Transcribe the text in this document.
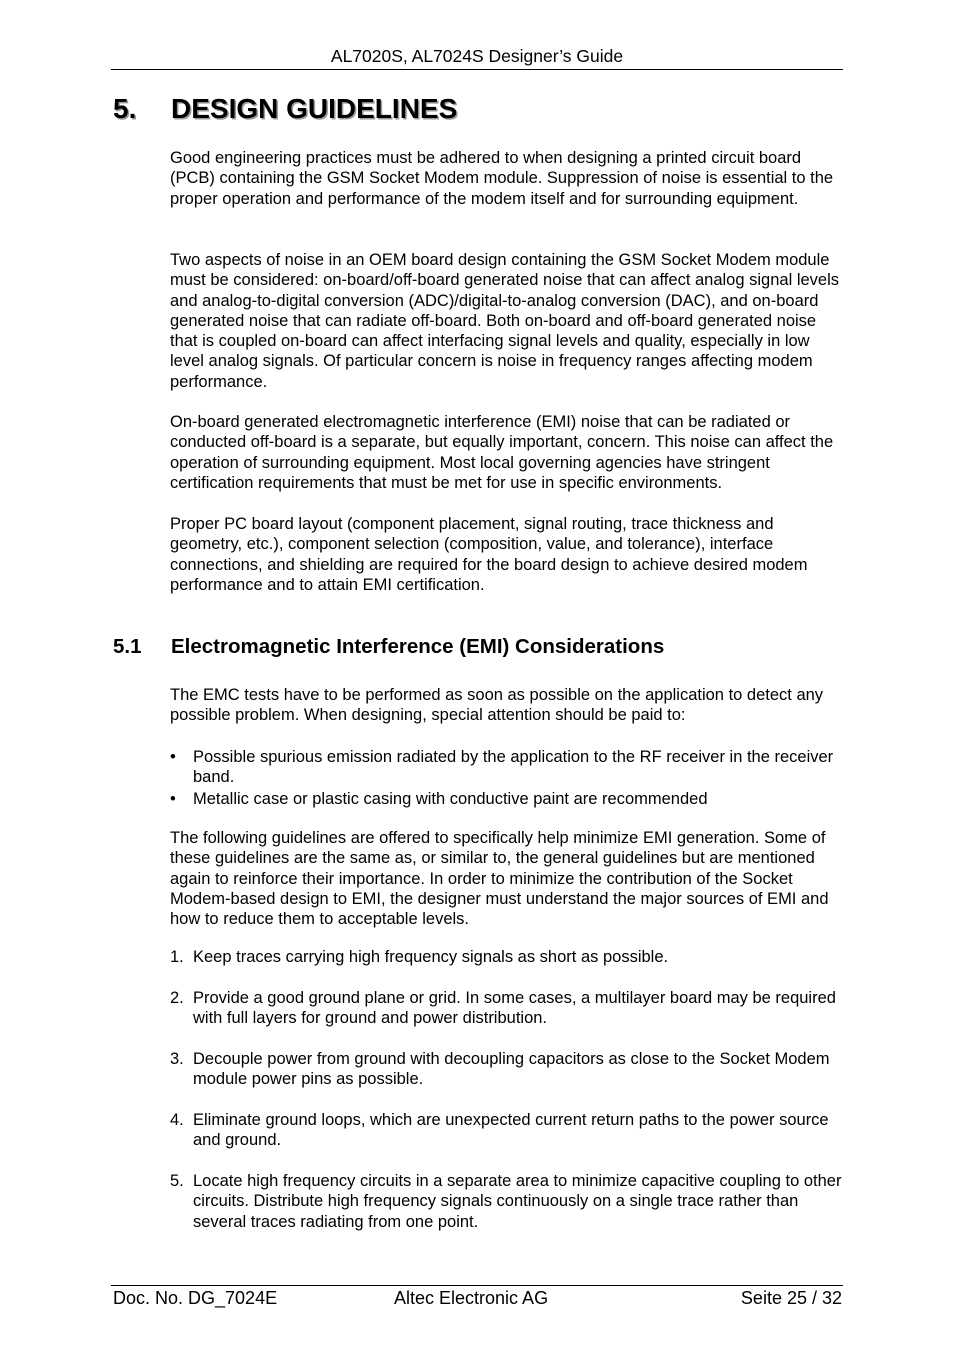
AL7020S, AL7024S Designer’s Guide
5. DESIGN GUIDELINES

Good engineering practices must be adhered to when designing a printed circuit board (PCB) containing the GSM Socket Modem module. Suppression of noise is essential to the proper operation and performance of the modem itself and for surrounding equipment.

Two aspects of noise in an OEM board design containing the GSM Socket Modem module must be considered: on-board/off-board generated noise that can affect analog signal levels and analog-to-digital conversion (ADC)/digital-to-analog conversion (DAC), and on-board generated noise that can radiate off-board. Both on-board and off-board generated noise that is coupled on-board can affect interfacing signal levels and quality, especially in low level analog signals. Of particular concern is noise in frequency ranges affecting modem performance.

On-board generated electromagnetic interference (EMI) noise that can be radiated or conducted off-board is a separate, but equally important, concern. This noise can affect the operation of surrounding equipment. Most local governing agencies have stringent certification requirements that must be met for use in specific environments.

Proper PC board layout (component placement, signal routing, trace thickness and geometry, etc.), component selection (composition, value, and tolerance), interface connections, and shielding are required for the board design to achieve desired modem performance and to attain EMI certification.

5.1 Electromagnetic Interference (EMI) Considerations

The EMC tests have to be performed as soon as possible on the application to detect any possible problem. When designing, special attention should be paid to:

•	Possible spurious emission radiated by the application to the RF receiver in the receiver band.
•	Metallic case or plastic casing with conductive paint are recommended

The following guidelines are offered to specifically help minimize EMI generation. Some of these guidelines are the same as, or similar to, the general guidelines but are mentioned again to reinforce their importance. In order to minimize the contribution of the Socket Modem-based design to EMI, the designer must understand the major sources of EMI and how to reduce them to acceptable levels.

1. Keep traces carrying high frequency signals as short as possible.
2. Provide a good ground plane or grid. In some cases, a multilayer board may be required with full layers for ground and power distribution.
3. Decouple power from ground with decoupling capacitors as close to the Socket Modem module power pins as possible.
4. Eliminate ground loops, which are unexpected current return paths to the power source and ground.
5. Locate high frequency circuits in a separate area to minimize capacitive coupling to other circuits. Distribute high frequency signals continuously on a single trace rather than several traces radiating from one point.
Doc. No. DG_7024E	Altec Electronic AG	Seite 25 / 32
